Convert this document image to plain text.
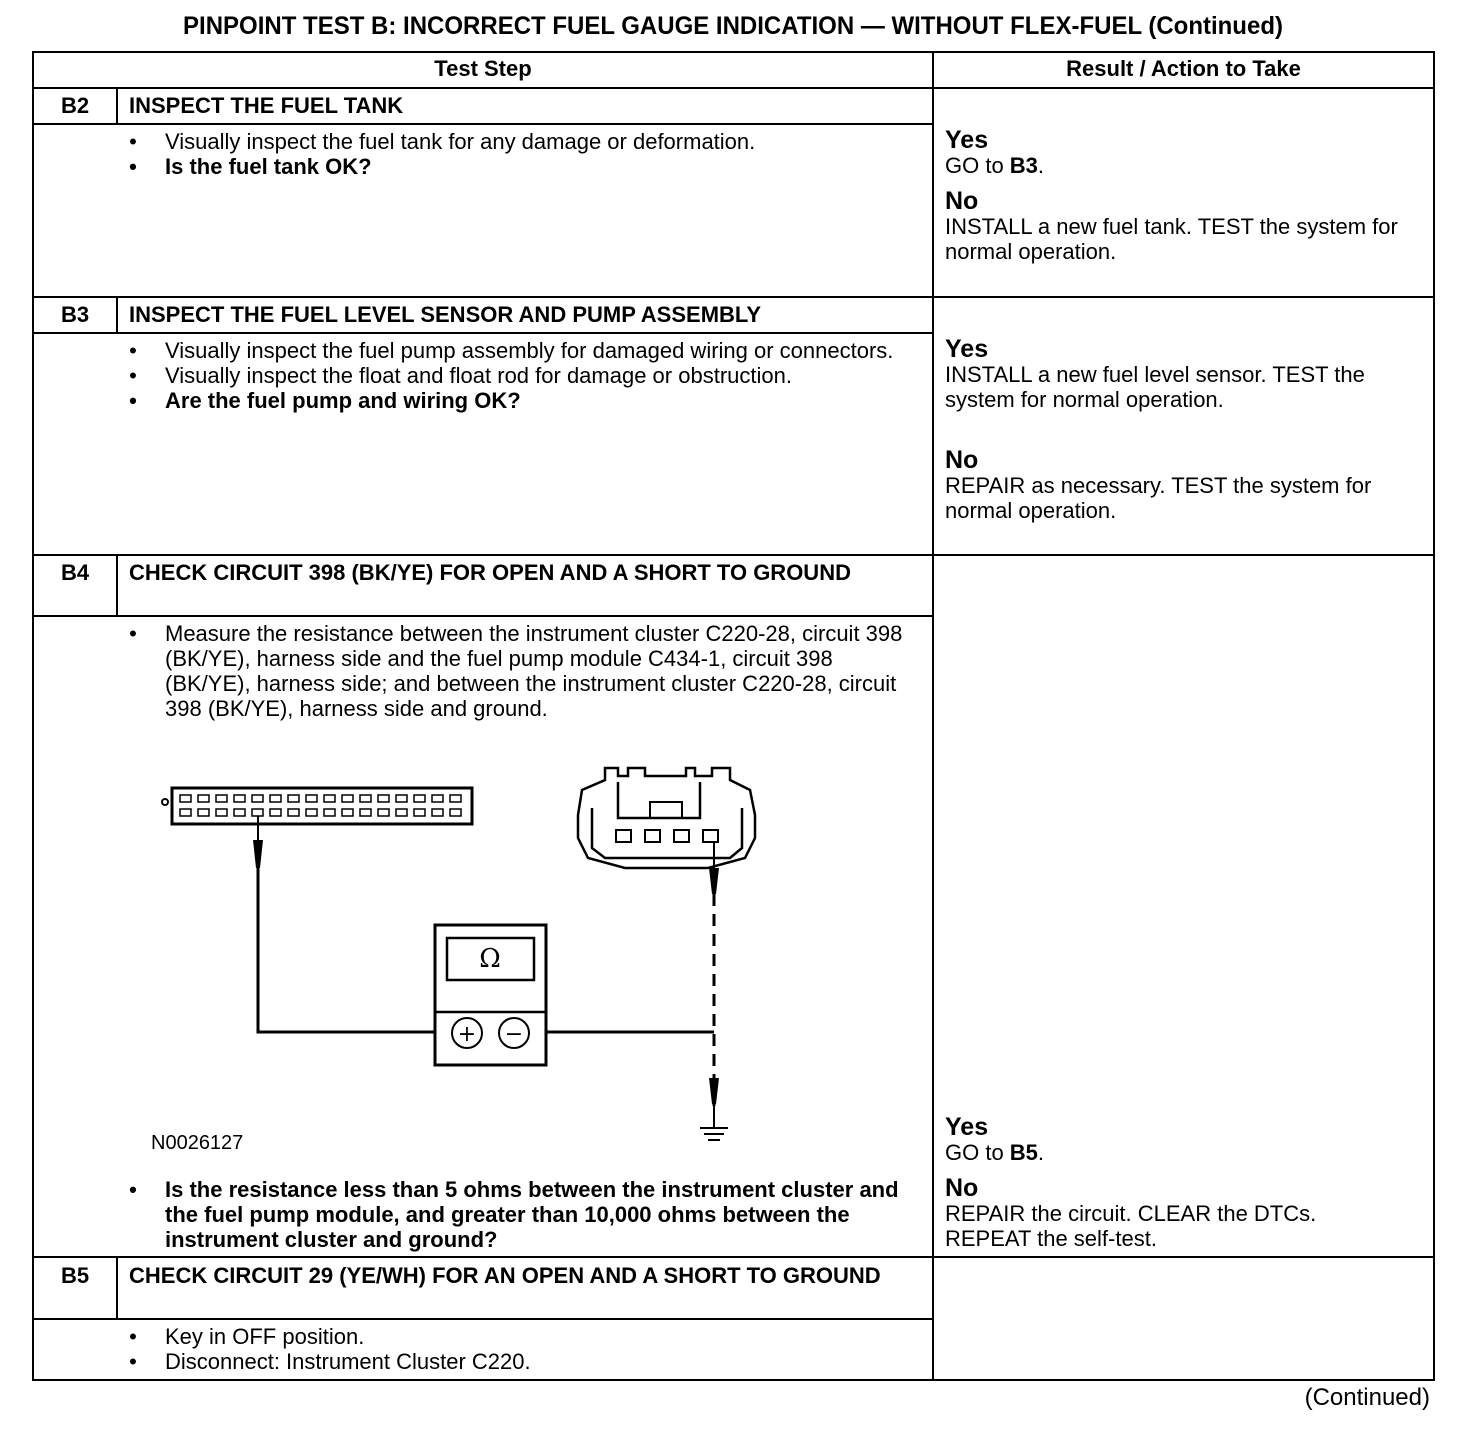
PINPOINT TEST B: INCORRECT FUEL GAUGE INDICATION — WITHOUT FLEX-FUEL (Continued)
Test Step	Result / Action to Take
B2	INSPECT THE FUEL TANK
• Visually inspect the fuel tank for any damage or deformation.
• Is the fuel tank OK?
Yes
GO to B3.
No
INSTALL a new fuel tank. TEST the system for normal operation.
B3	INSPECT THE FUEL LEVEL SENSOR AND PUMP ASSEMBLY
• Visually inspect the fuel pump assembly for damaged wiring or connectors.
• Visually inspect the float and float rod for damage or obstruction.
• Are the fuel pump and wiring OK?
Yes
INSTALL a new fuel level sensor. TEST the system for normal operation.
No
REPAIR as necessary. TEST the system for normal operation.
B4	CHECK CIRCUIT 398 (BK/YE) FOR OPEN AND A SHORT TO GROUND
• Measure the resistance between the instrument cluster C220-28, circuit 398 (BK/YE), harness side and the fuel pump module C434-1, circuit 398 (BK/YE), harness side; and between the instrument cluster C220-28, circuit 398 (BK/YE), harness side and ground.
Ω
+ −
N0026127
• Is the resistance less than 5 ohms between the instrument cluster and the fuel pump module, and greater than 10,000 ohms between the instrument cluster and ground?
Yes
GO to B5.
No
REPAIR the circuit. CLEAR the DTCs.
REPEAT the self-test.
B5	CHECK CIRCUIT 29 (YE/WH) FOR AN OPEN AND A SHORT TO GROUND
• Key in OFF position.
• Disconnect: Instrument Cluster C220.
(Continued)
